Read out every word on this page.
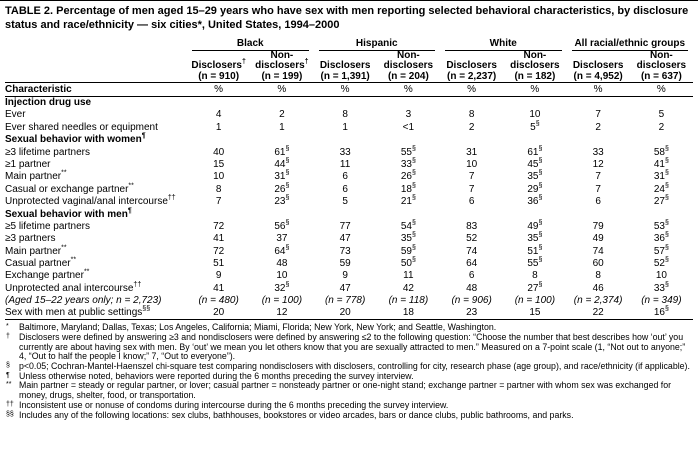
TABLE 2. Percentage of men aged 15–29 years who have sex with men reporting selected behavioral characteristics, by disclosure status and race/ethnicity — six cities*, United States, 1994–2000

	Black		Hispanic		White		All racial/ethnic groups	

Disclosers†
(n = 910)

Non-
disclosers†
(n = 199)

Disclosers
(n = 1,391)

Non-
disclosers
(n = 204)

Disclosers
(n = 2,237)

Non-
disclosers
(n = 182)

Disclosers
(n = 4,952)

Non-
disclosers
(n = 637)

Characteristic	%	%	%	%	%	%	%	%
Injection drug use								
Ever	4	2	8	3	8	10	7	5
Ever shared needles or equipment	1	1	1	<1	2	5§	2	2
Sexual behavior with women¶
≥3 lifetime partners	40	61§	33	55§	31	61§	33	58§
≥1 partner	15	44§	11	33§	10	45§	12	41§
Main partner**	10	31§	6	26§	7	35§	7	31§
Casual or exchange partner**	8	26§	6	18§	7	29§	7	24§
Unprotected vaginal/anal intercourse††	7	23§	5	21§	6	36§	6	27§
Sexual behavior with men¶
≥5 lifetime partners	72	56§	77	54§	83	49§	79	53§
≥3 partners	41	37	47	35§	52	35§	49	36§
Main partner**	72	64§	73	59§	74	51§	74	57§
Casual partner**	51	48	59	50§	64	55§	60	52§
Exchange partner**	9	10	9	11	6	8	8	10
Unprotected anal intercourse††	41	32§	47	42	48	27§	46	33§
(Aged 15–22 years only; n = 2,723)	(n = 480)	(n = 100)	(n = 778)	(n = 118)	(n = 906)	(n = 100)	(n = 2,374)	(n = 349)
Sex with men at public settings§§	20	12	20	18	23	15	22	16§
* Baltimore, Maryland; Dallas, Texas; Los Angeles, California; Miami, Florida; New York, New York; and Seattle, Washington.
† Disclosers were defined by answering ≥3 and nondisclosers were defined by answering ≤2 to the following question: “Choose the number that best describes how ‘out’ you currently are about having sex with men. By ‘out’ we mean you let others know that you are sexually attracted to men.” Measured on a 7-point scale (1, “Not out to anyone;” 4, “Out to half the people I know;” 7, “Out to everyone”).
§ p<0.05; Cochran-Mantel-Haenszel chi-square test comparing nondisclosers with disclosers, controlling for city, research phase (age group), and race/ethnicity (if applicable).
¶ Unless otherwise noted, behaviors were reported during the 6 months preceding the survey interview.
** Main partner = steady or regular partner, or lover; casual partner = nonsteady partner or one-night stand; exchange partner = partner with whom sex was exchanged for money, drugs, shelter, food, or transportation.
†† Inconsistent use or nonuse of condoms during intercourse during the 6 months preceding the survey interview.
§§ Includes any of the following locations: sex clubs, bathhouses, bookstores or video arcades, bars or dance clubs, public bathrooms, and parks.
